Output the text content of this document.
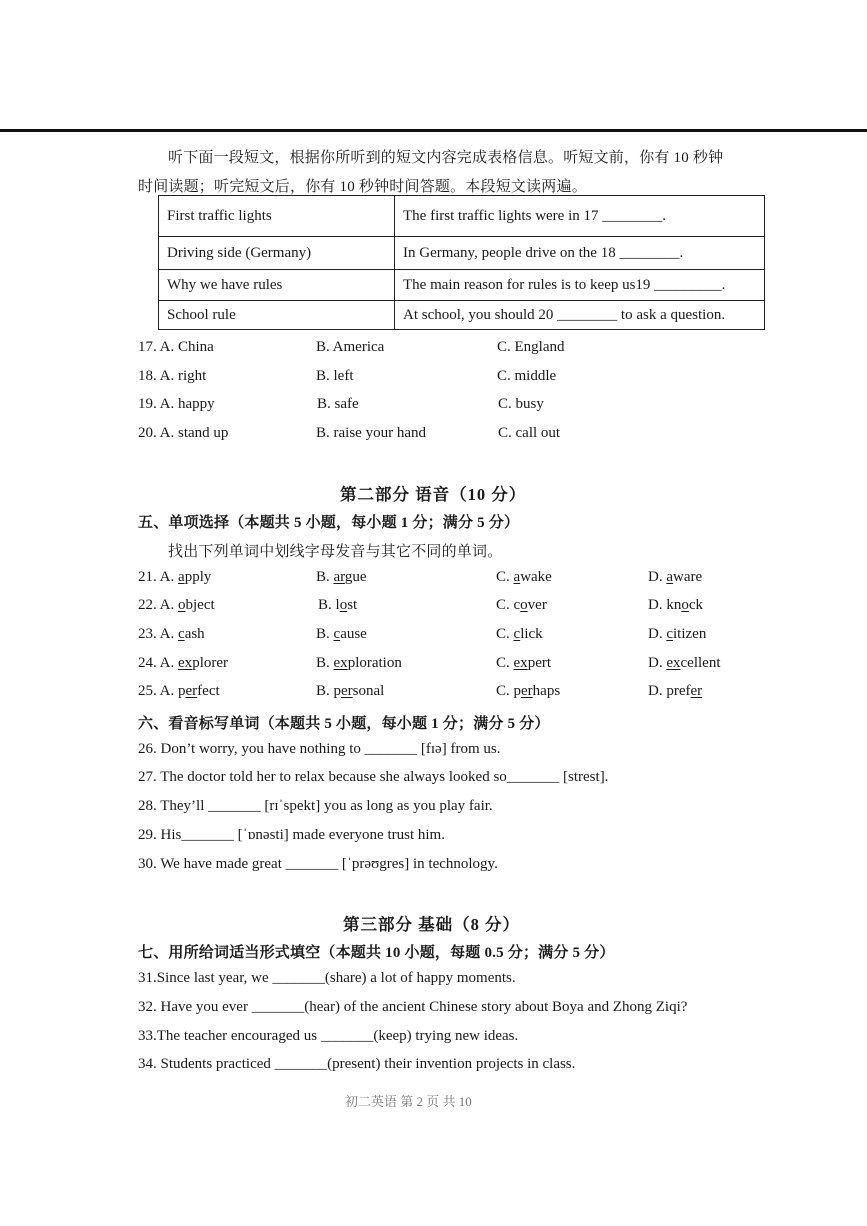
听下面一段短文，根据你所听到的短文内容完成表格信息。听短文前，你有 10 秒钟
时间读题；听完短文后，你有 10 秒钟时间答题。本段短文读两遍。
First traffic lights	The first traffic lights were in 17 ________.
Driving side (Germany)	In Germany, people drive on the 18 ________.
Why we have rules	The main reason for rules is to keep us19 _________.
School rule	At school, you should 20 ________ to ask a question.
17. A. China	B. America	C. England
18. A. right	B. left	C. middle
19. A. happy	B. safe	C. busy
20. A. stand up	B. raise your hand	C. call out
第二部分 语音（10 分）
五、单项选择（本题共 5 小题，每小题 1 分；满分 5 分）
找出下列单词中划线字母发音与其它不同的单词。
21. A. apply	B. argue	C. awake	D. aware
22. A. object	B. lost	C. cover	D. knock
23. A. cash	B. cause	C. click	D. citizen
24. A. explorer	B. exploration	C. expert	D. excellent
25. A. perfect	B. personal	C. perhaps	D. prefer
六、看音标写单词（本题共 5 小题，每小题 1 分；满分 5 分）
26. Don’t worry, you have nothing to _______ [fɪə] from us.
27. The doctor told her to relax because she always looked so_______ [strest].
28. They’ll _______ [rɪˈspekt] you as long as you play fair.
29. His_______ [ˈɒnəsti] made everyone trust him.
30. We have made great _______ [ˈprəʊgres] in technology.
第三部分 基础（8 分）
七、用所给词适当形式填空（本题共 10 小题，每题 0.5 分；满分 5 分）
31.Since last year, we _______(share) a lot of happy moments.
32. Have you ever _______(hear) of the ancient Chinese story about Boya and Zhong Ziqi?
33.The teacher encouraged us _______(keep) trying new ideas.
34. Students practiced _______(present) their invention projects in class.
初二英语 第 2 页 共 10
